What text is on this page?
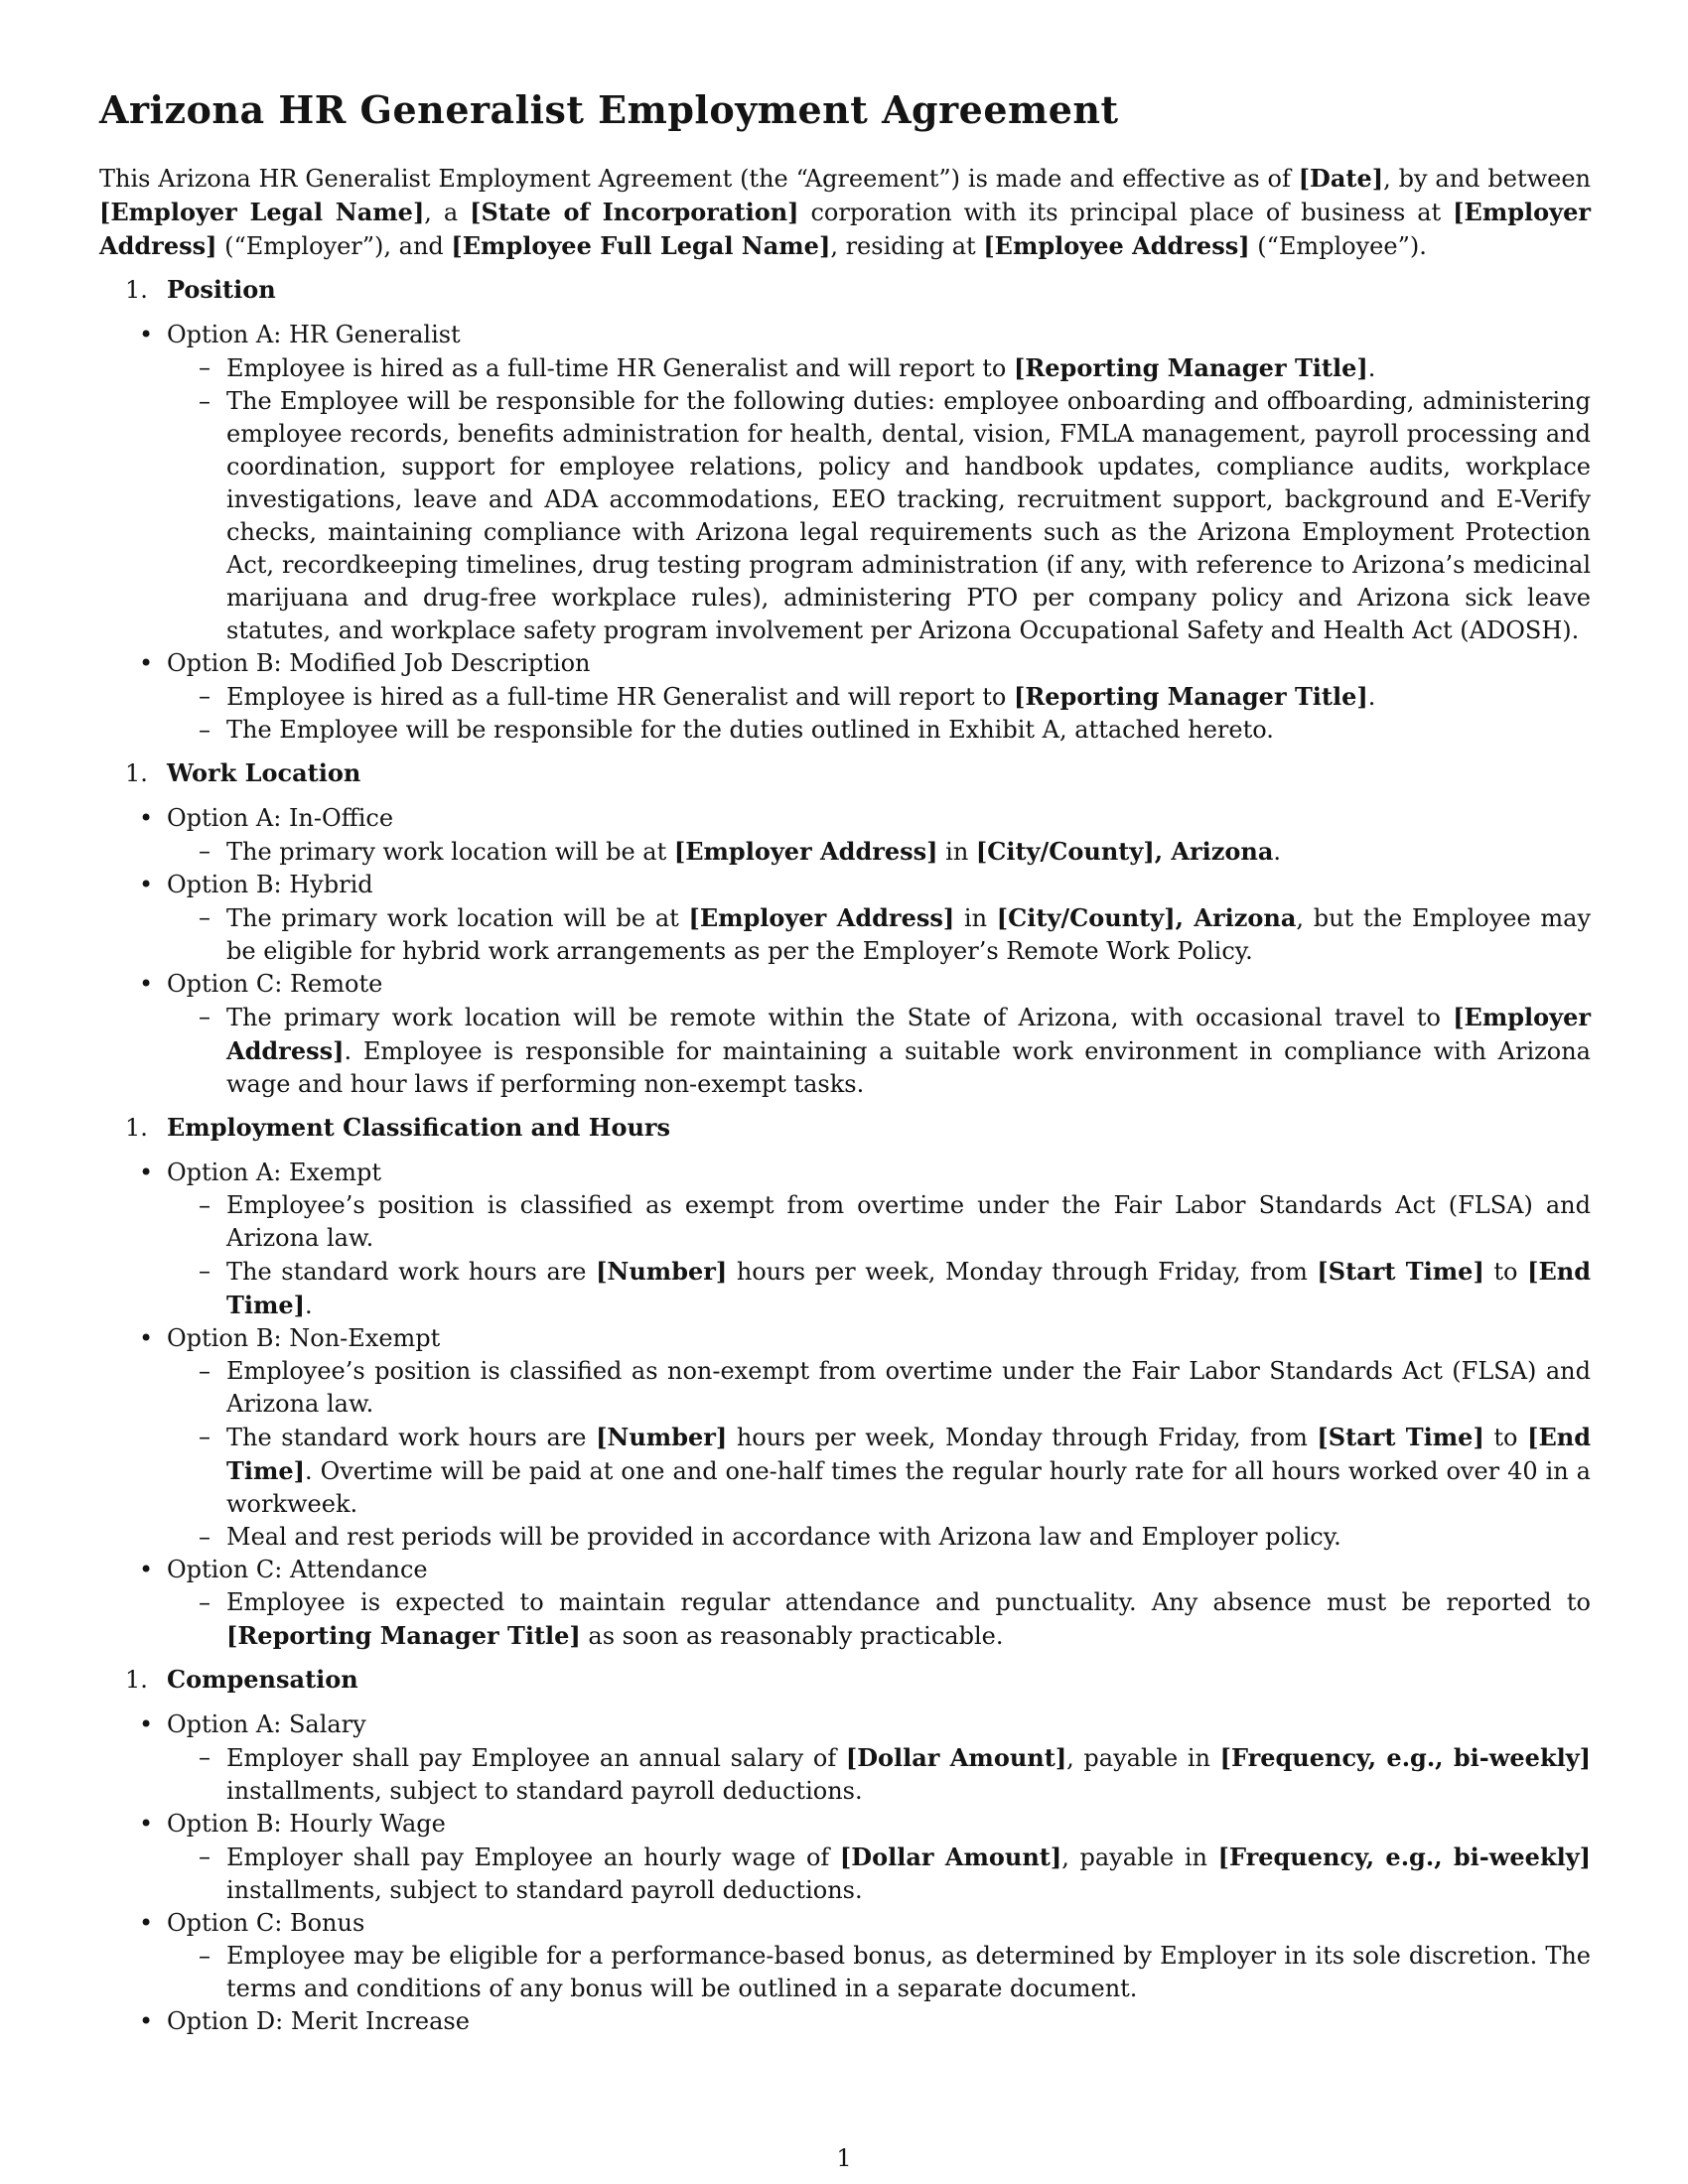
Arizona HR Generalist Employment Agreement

This Arizona HR Generalist Employment Agreement (the “Agreement”) is made and effective as of [Date], by and between [Employer Legal Name], a [State of Incorporation] corporation with its principal place of business at [Employer Address] (“Employer”), and [Employee Full Legal Name], residing at [Employee Address] (“Employee”).

1. Position
• Option A: HR Generalist
– Employee is hired as a full-time HR Generalist and will report to [Reporting Manager Title].
– The Employee will be responsible for the following duties: employee onboarding and offboarding, administering employee records, benefits administration for health, dental, vision, FMLA management, payroll processing and coordination, support for employee relations, policy and handbook updates, compliance audits, workplace investigations, leave and ADA accommodations, EEO tracking, recruitment support, background and E-Verify checks, maintaining compliance with Arizona legal requirements such as the Arizona Employment Protection Act, recordkeeping timelines, drug testing program administration (if any, with reference to Arizona’s medicinal marijuana and drug-free workplace rules), administering PTO per company policy and Arizona sick leave statutes, and workplace safety program involvement per Arizona Occupational Safety and Health Act (ADOSH).
• Option B: Modified Job Description
– Employee is hired as a full-time HR Generalist and will report to [Reporting Manager Title].
– The Employee will be responsible for the duties outlined in Exhibit A, attached hereto.
1. Work Location
• Option A: In-Office
– The primary work location will be at [Employer Address] in [City/County], Arizona.
• Option B: Hybrid
– The primary work location will be at [Employer Address] in [City/County], Arizona, but the Employee may be eligible for hybrid work arrangements as per the Employer’s Remote Work Policy.
• Option C: Remote
– The primary work location will be remote within the State of Arizona, with occasional travel to [Employer Address]. Employee is responsible for maintaining a suitable work environment in compliance with Arizona wage and hour laws if performing non-exempt tasks.
1. Employment Classification and Hours
• Option A: Exempt
– Employee’s position is classified as exempt from overtime under the Fair Labor Standards Act (FLSA) and Arizona law.
– The standard work hours are [Number] hours per week, Monday through Friday, from [Start Time] to [End Time].
• Option B: Non-Exempt
– Employee’s position is classified as non-exempt from overtime under the Fair Labor Standards Act (FLSA) and Arizona law.
– The standard work hours are [Number] hours per week, Monday through Friday, from [Start Time] to [End Time]. Overtime will be paid at one and one-half times the regular hourly rate for all hours worked over 40 in a workweek.
– Meal and rest periods will be provided in accordance with Arizona law and Employer policy.
• Option C: Attendance
– Employee is expected to maintain regular attendance and punctuality. Any absence must be reported to [Reporting Manager Title] as soon as reasonably practicable.
1. Compensation
• Option A: Salary
– Employer shall pay Employee an annual salary of [Dollar Amount], payable in [Frequency, e.g., bi-weekly] installments, subject to standard payroll deductions.
• Option B: Hourly Wage
– Employer shall pay Employee an hourly wage of [Dollar Amount], payable in [Frequency, e.g., bi-weekly] installments, subject to standard payroll deductions.
• Option C: Bonus
– Employee may be eligible for a performance-based bonus, as determined by Employer in its sole discretion. The terms and conditions of any bonus will be outlined in a separate document.
• Option D: Merit Increase
1
